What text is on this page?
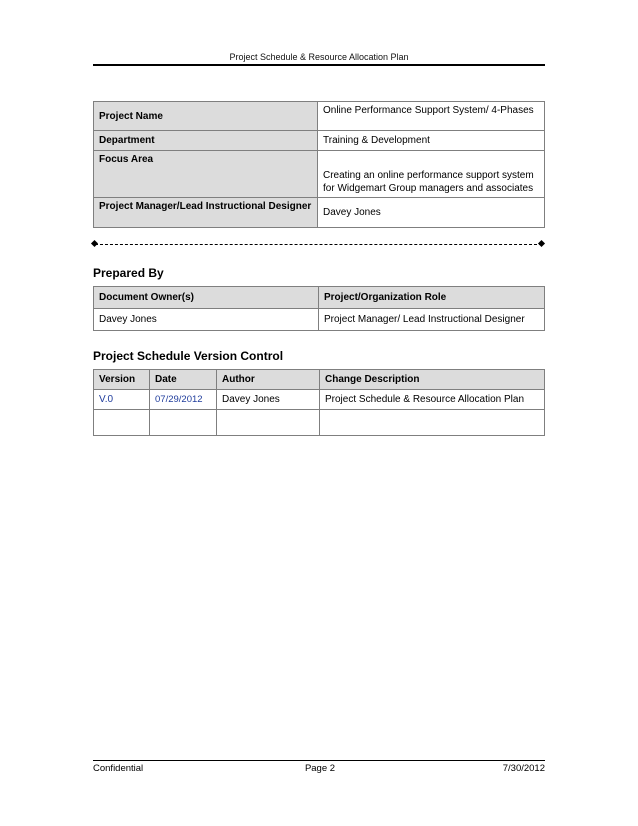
Project Schedule & Resource Allocation Plan
Project Name	Online Performance Support System/ 4-Phases
Department	Training & Development
Focus Area	Creating an online performance support system for Widgemart Group managers and associates
Project Manager/Lead Instructional Designer	Davey Jones
Prepared By
Document Owner(s)	Project/Organization Role
Davey Jones	Project Manager/ Lead Instructional Designer
Project Schedule Version Control
Version	Date	Author	Change Description
V.0	07/29/2012	Davey Jones	Project Schedule & Resource Allocation Plan

Confidential	Page 2	7/30/2012
